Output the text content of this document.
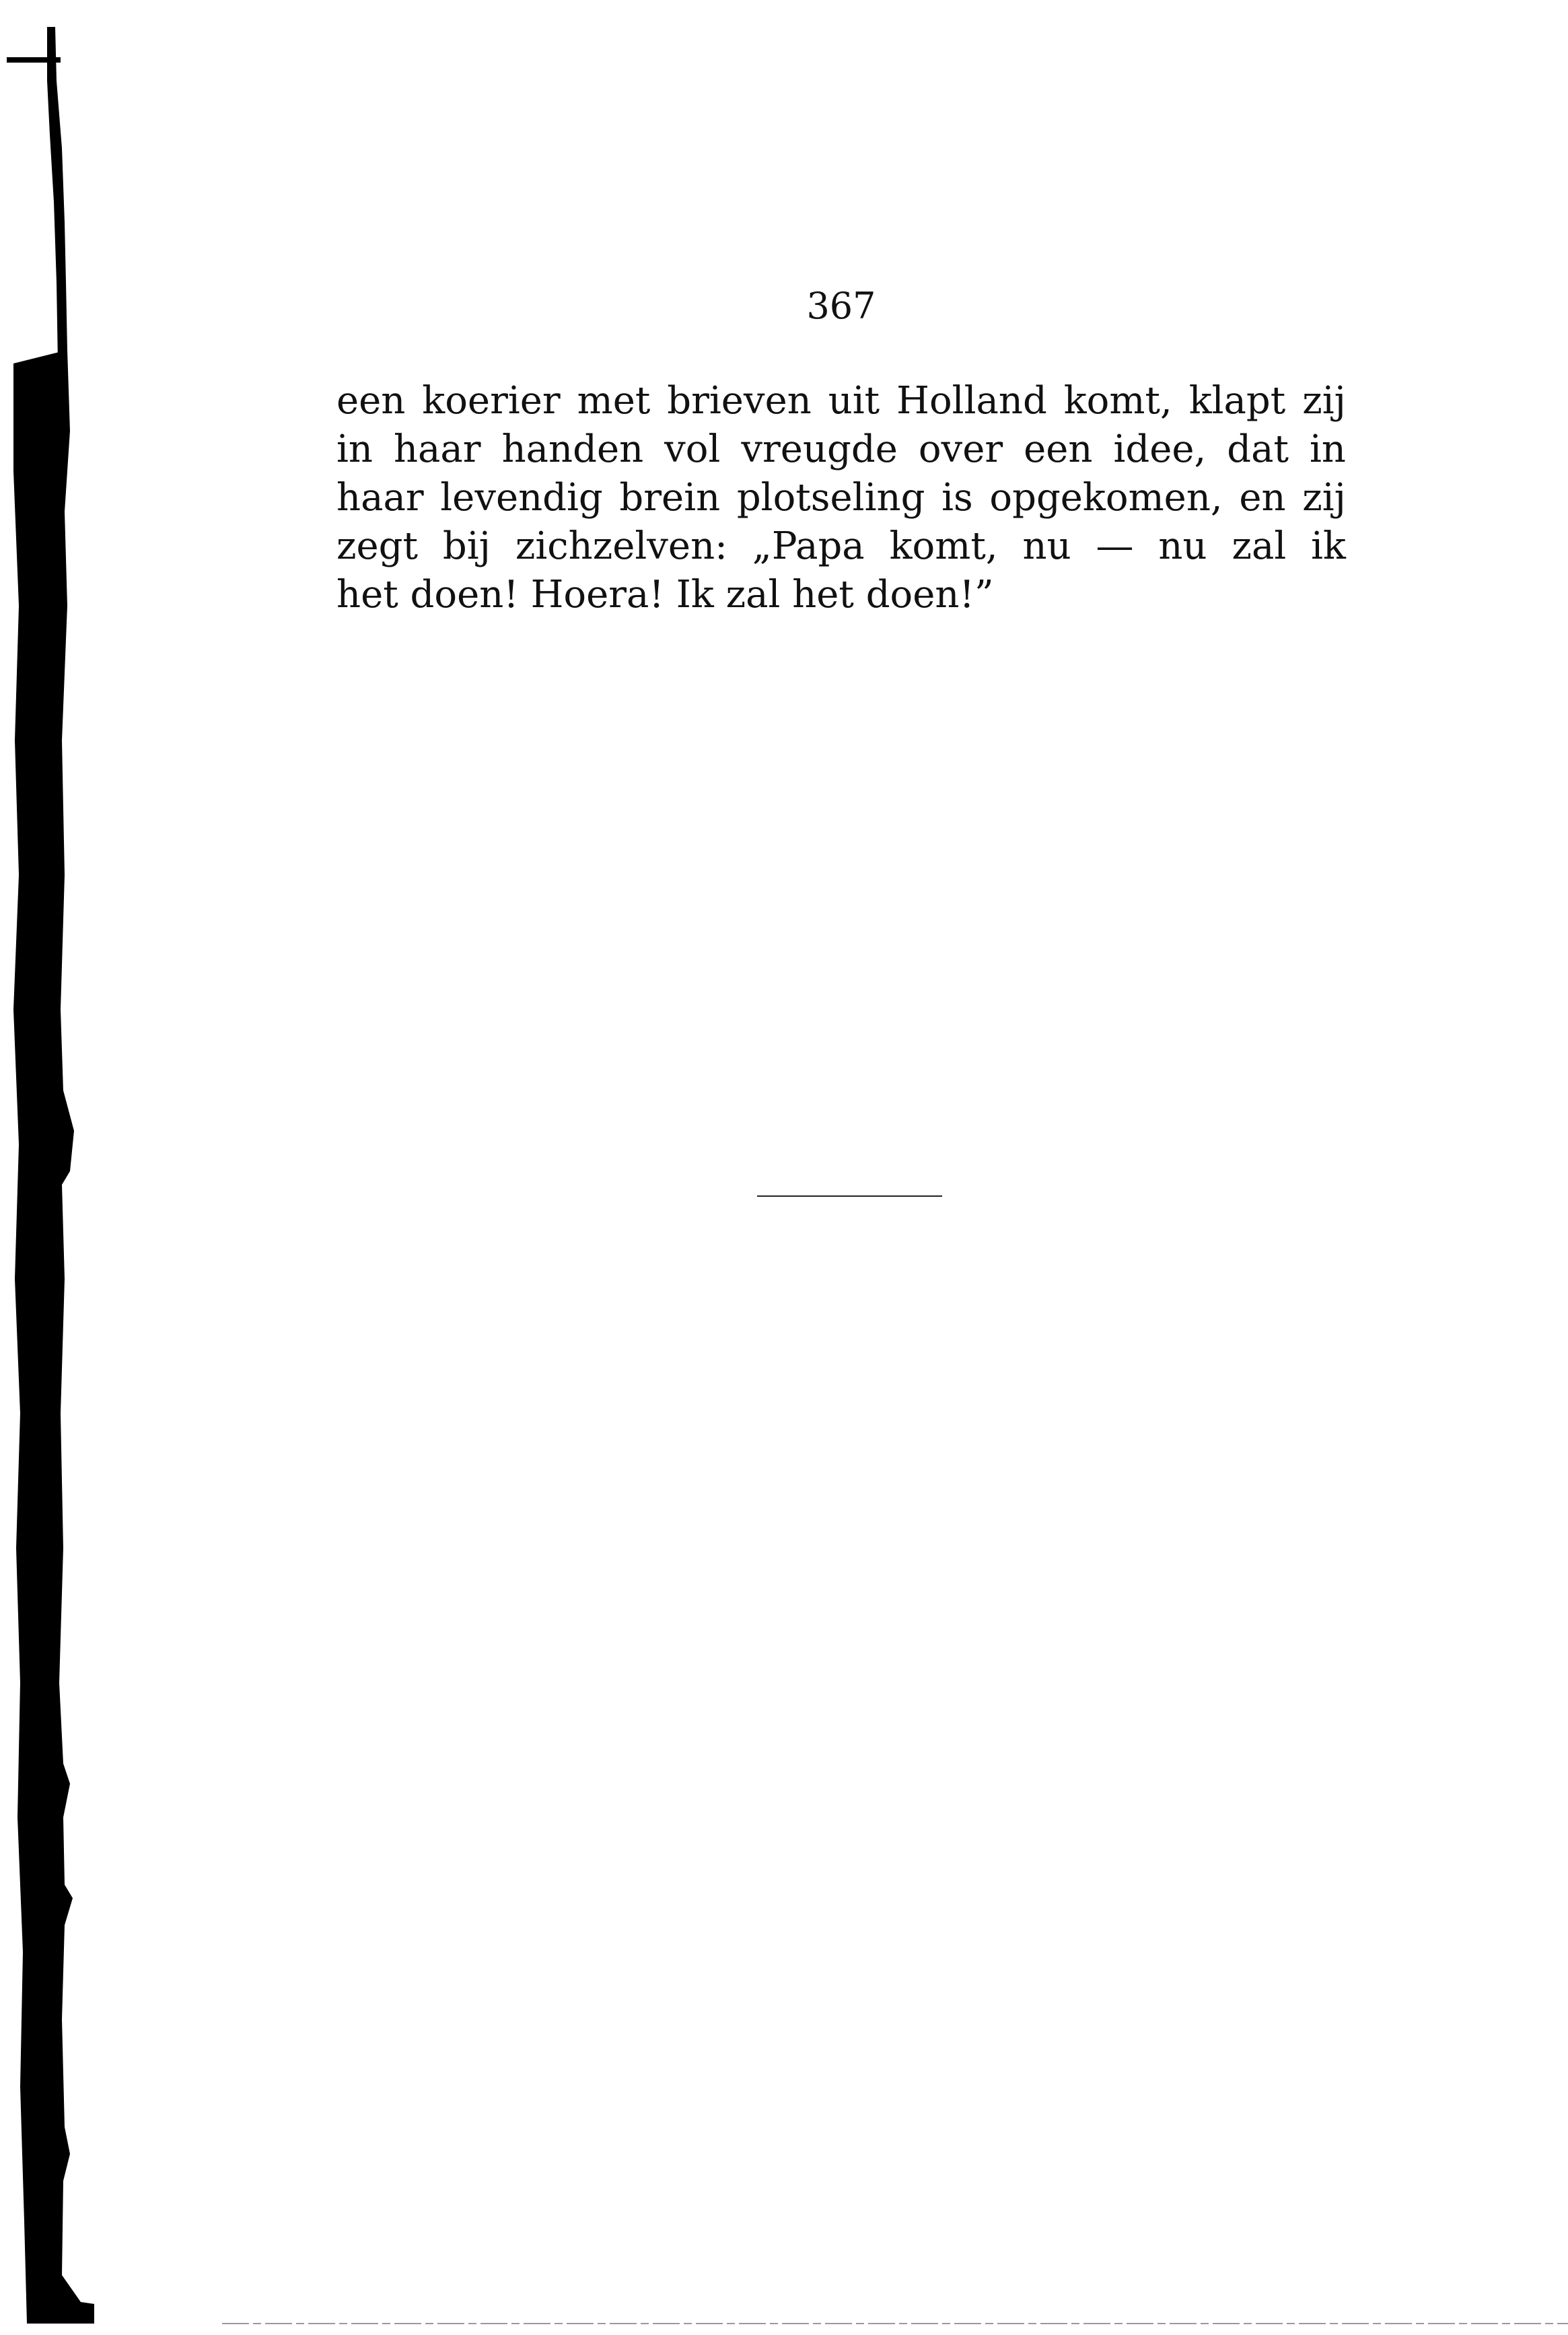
367
een koerier met brieven uit Holland komt, klapt zij
in haar handen vol vreugde over een idee, dat in
haar levendig brein plotseling is opgekomen, en zij
zegt bij zichzelven: „Papa komt, nu — nu zal ik
het doen! Hoera! Ik zal het doen!”
